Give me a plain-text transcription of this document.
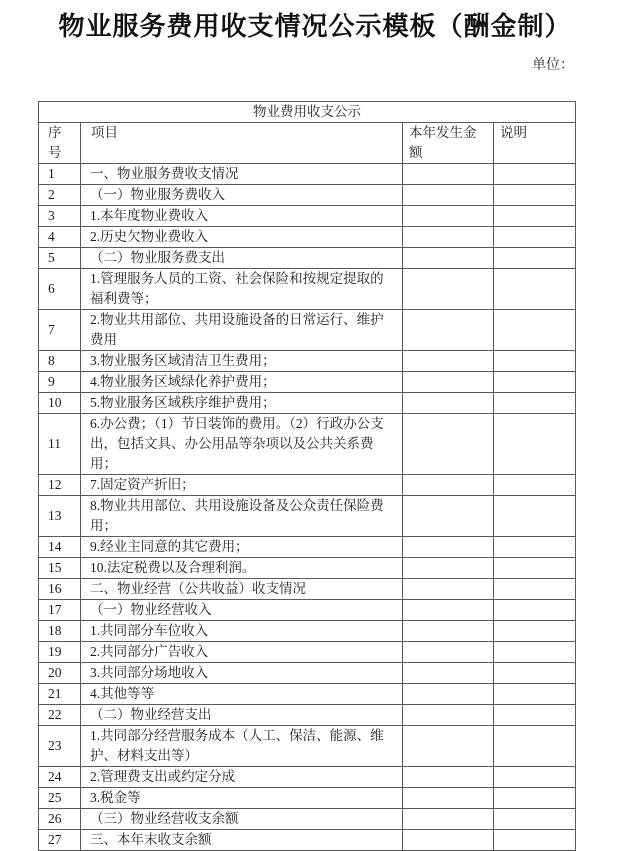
物业服务费用收支情况公示模板（酬金制）
单位：
物业费用收支公示			
序号	项目	本年发生金额	说明
1	一、物业服务费收支情况		
2	（一）物业服务费收入		
3	1.本年度物业费收入		
4	2.历史欠物业费收入		
5	（二）物业服务费支出		
6	1.管理服务人员的工资、社会保险和按规定提取的福利费等；		
7	2.物业共用部位、共用设施设备的日常运行、维护费用		
8	3.物业服务区域清洁卫生费用；		
9	4.物业服务区域绿化养护费用；		
10	5.物业服务区域秩序维护费用；		
11	6.办公费；（1）节日装饰的费用。（2）行政办公支出，包括文具、办公用品等杂项以及公共关系费用；		
12	7.固定资产折旧；		
13	8.物业共用部位、共用设施设备及公众责任保险费用；		
14	9.经业主同意的其它费用；		
15	10.法定税费以及合理利润。		
16	二、物业经营（公共收益）收支情况		
17	（一）物业经营收入		
18	1.共同部分车位收入		
19	2.共同部分广告收入		
20	3.共同部分场地收入		
21	4.其他等等		
22	（二）物业经营支出		
23	1.共同部分经营服务成本（人工、保洁、能源、维护、材料支出等）		
24	2.管理费支出或约定分成		
25	3.税金等		
26	（三）物业经营收支余额		
27	三、本年末收支余额		
